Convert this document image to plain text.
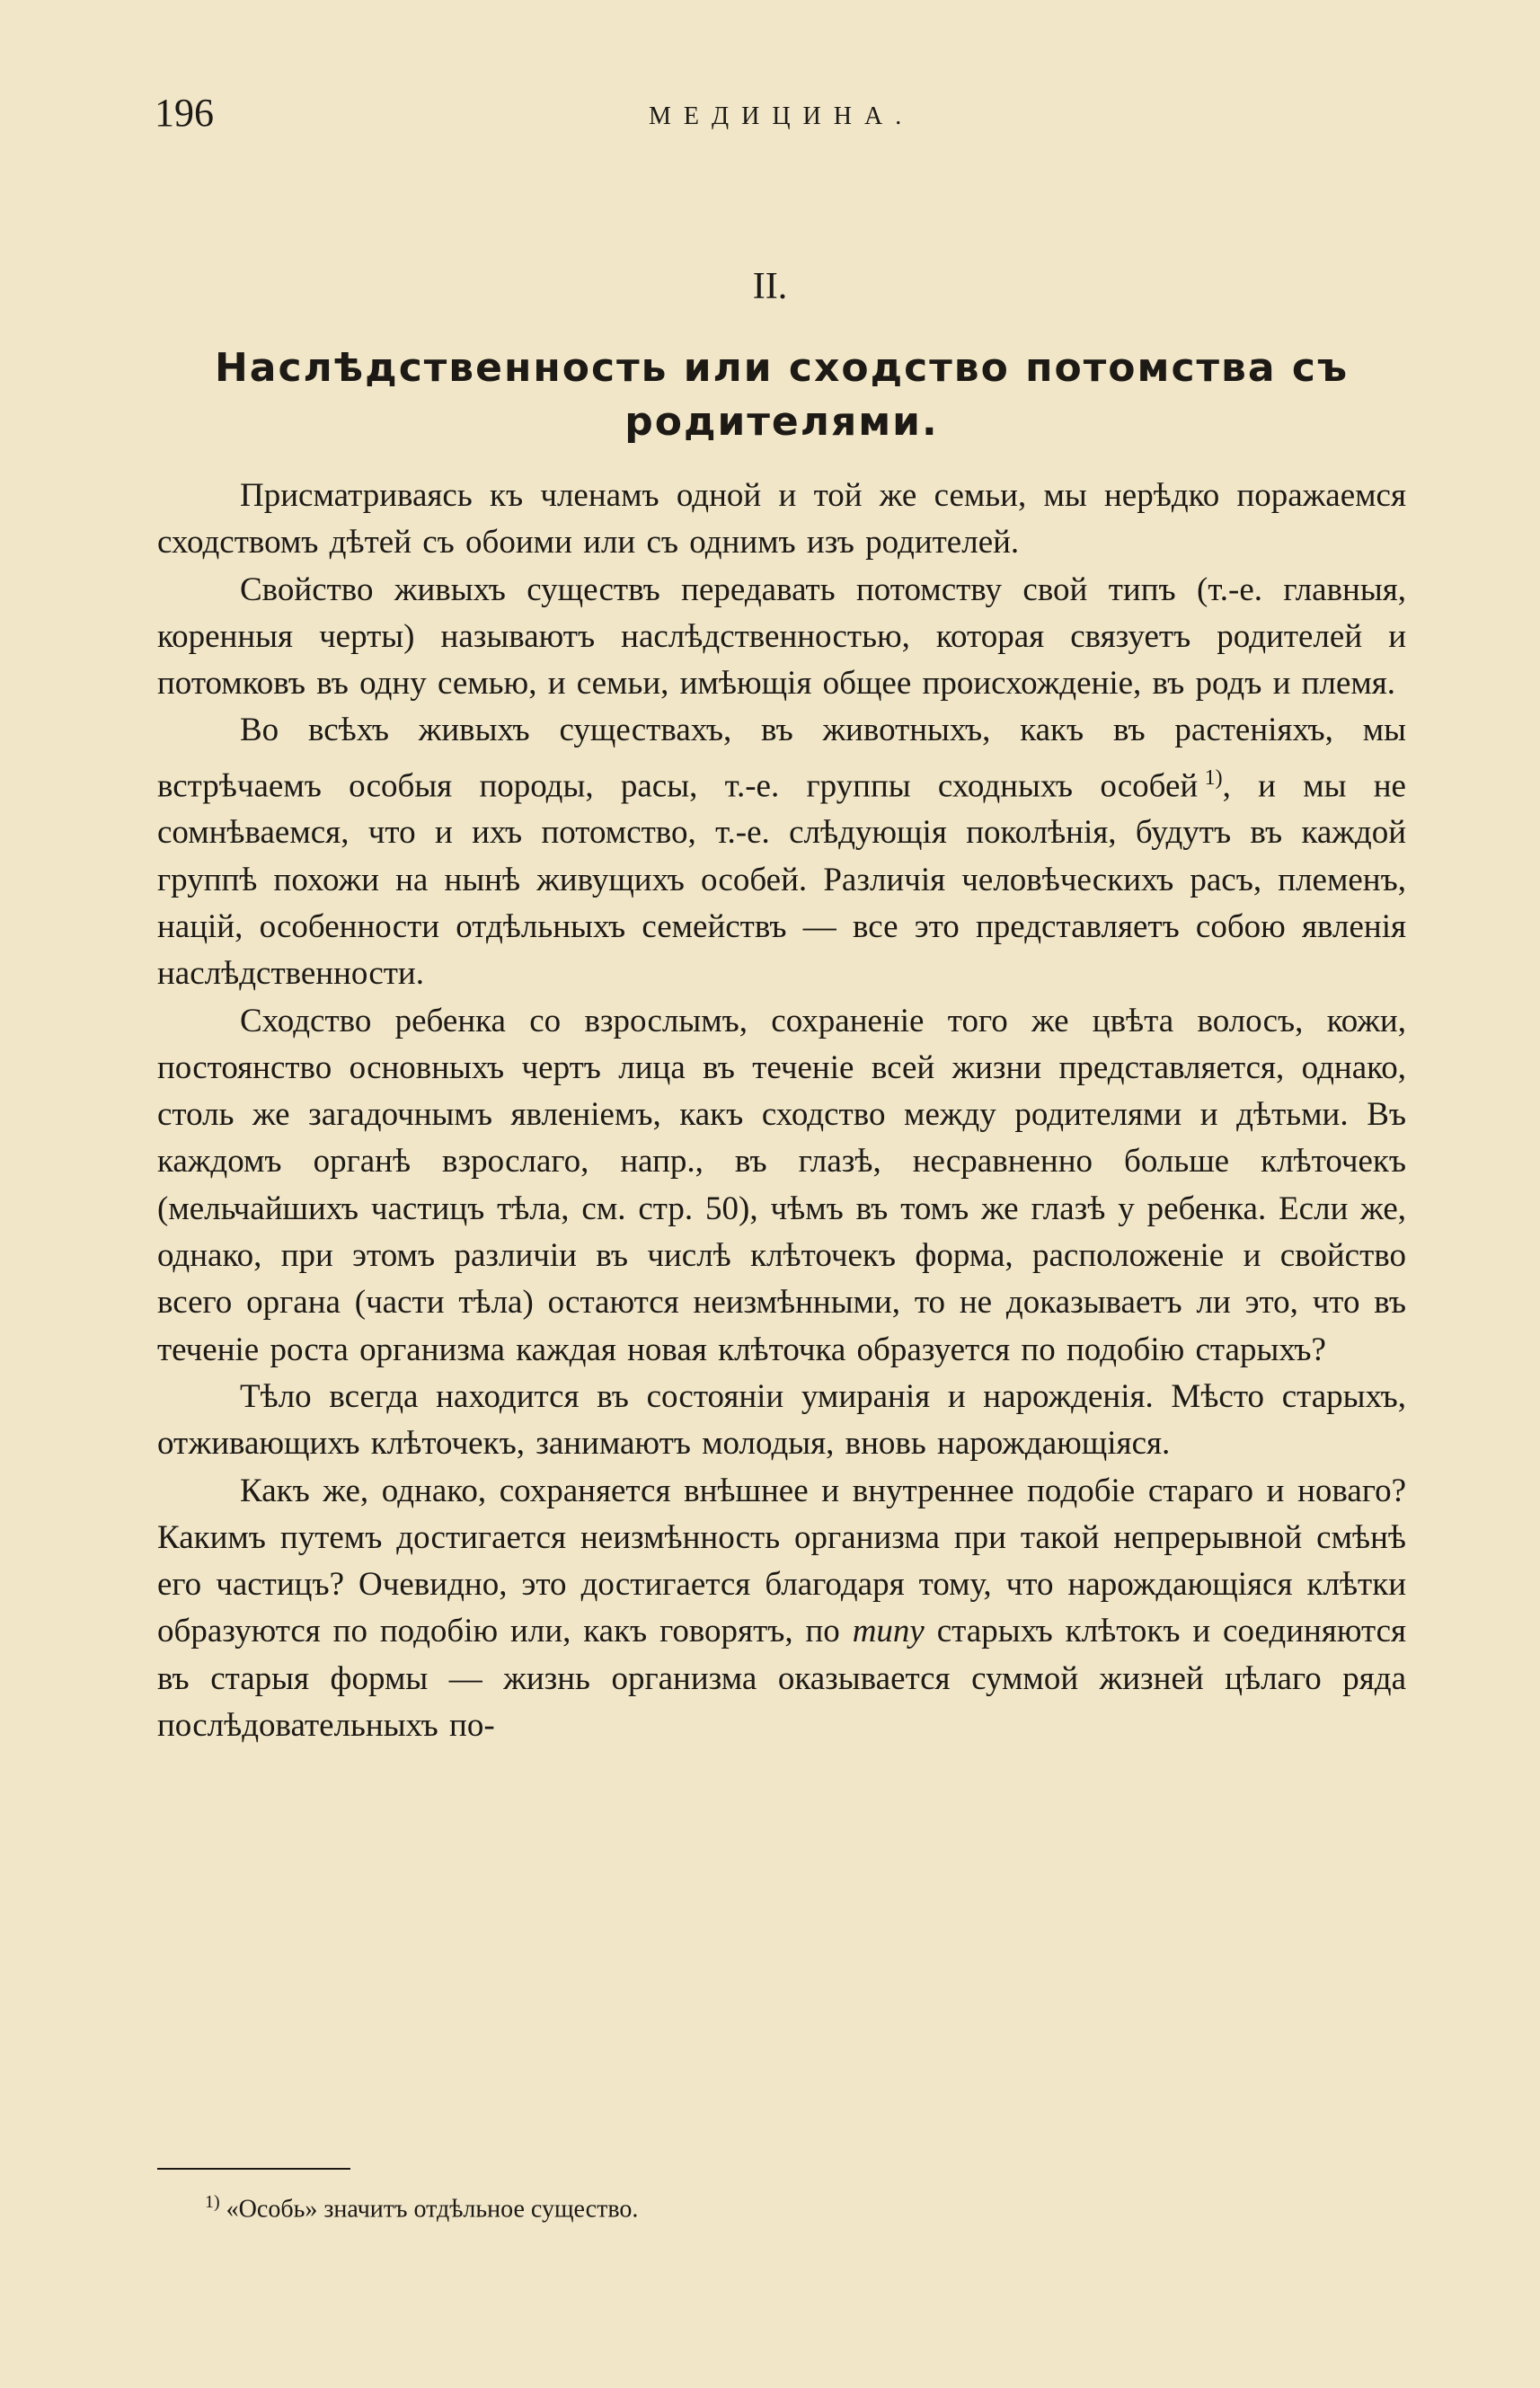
196	МЕДИЦИНА.
II.
Наслѣдственность или сходство потомства съ родителями.

Присматриваясь къ членамъ одной и той же семьи, мы нерѣдко поражаемся сходствомъ дѣтей съ обоими или съ однимъ изъ родителей.

Свойство живыхъ существъ передавать потомству свой типъ (т.-е. главныя, коренныя черты) называютъ наслѣдственностью, которая связуетъ родителей и потомковъ въ одну семью, и семьи, имѣющія общее происхожденіе, въ родъ и племя.

Во всѣхъ живыхъ существахъ, въ животныхъ, какъ въ растеніяхъ, мы встрѣчаемъ особыя породы, расы, т.-е. группы сходныхъ особей  $^{1)}$, и мы не сомнѣваемся, что и ихъ потомство, т.-е. слѣдующія поколѣнія, будутъ въ каждой группѣ похожи на нынѣ живущихъ особей. Различія человѣческихъ расъ, племенъ, націй, особенности отдѣльныхъ семействъ — все это представляетъ собою явленія наслѣдственности.

Сходство ребенка со взрослымъ, сохраненіе того же цвѣта волосъ, кожи, постоянство основныхъ чертъ лица въ теченіе всей жизни представляется, однако, столь же загадочнымъ явленіемъ, какъ сходство между родителями и дѣтьми. Въ каждомъ органѣ взрослаго, напр., въ глазѣ, несравненно больше клѣточекъ (мельчайшихъ частицъ тѣла, см. стр. 50), чѣмъ въ томъ же глазѣ у ребенка. Если же, однако, при этомъ различіи въ числѣ клѣточекъ форма, расположеніе и свойство всего органа (части тѣла) остаются неизмѣнными, то не доказываетъ ли это, что въ теченіе роста организма каждая новая клѣточка образуется по подобію старыхъ?

Тѣло всегда находится въ состояніи умиранія и нарожденія. Мѣсто старыхъ, отживающихъ клѣточекъ, занимаютъ молодыя, вновь нарождающіяся.

Какъ же, однако, сохраняется внѣшнее и внутреннее подобіе стараго и новаго? Какимъ путемъ достигается неизмѣнность организма при такой непрерывной смѣнѣ его частицъ? Очевидно, это достигается благодаря тому, что нарождающіяся клѣтки образуются по подобію или, какъ говорятъ, по типу старыхъ клѣтокъ и соединяются въ старыя формы — жизнь организма оказывается суммой жизней цѣлаго ряда послѣдовательныхъ по-

$^{1)}$ «Особь» значитъ отдѣльное существо.
